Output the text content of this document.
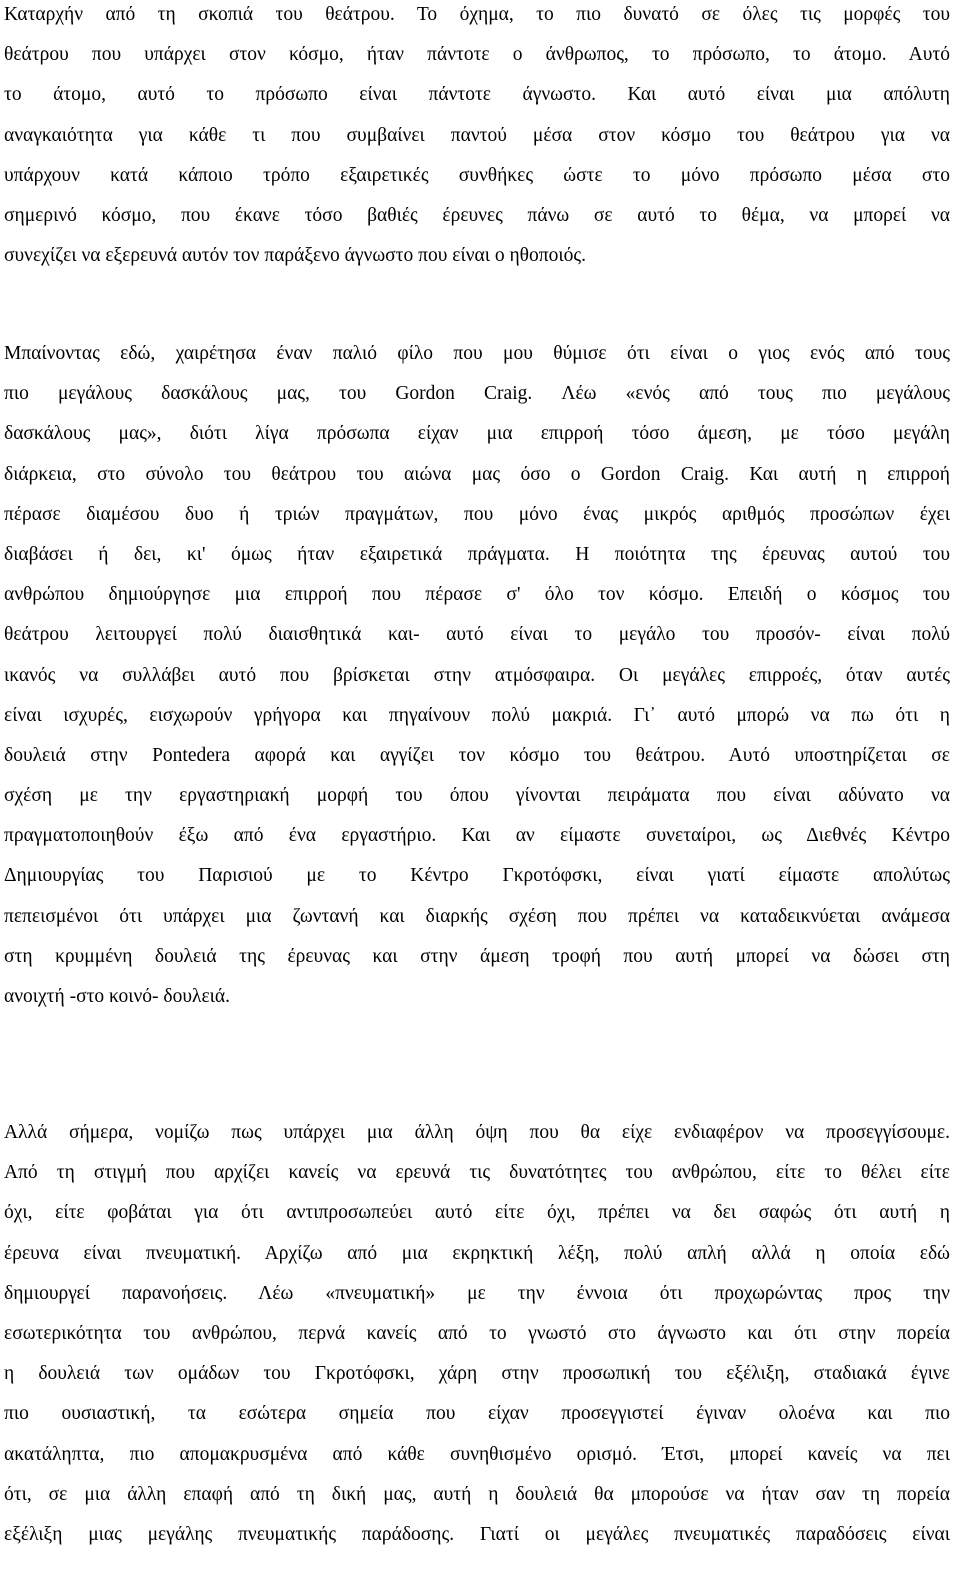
Καταρχήν από τη σκοπιά του θεάτρου. Το όχημα, το πιο δυνατό σε όλες τις μορφές του
θεάτρου που υπάρχει στον κόσμο, ήταν πάντοτε ο άνθρωπος, το πρόσωπο, το άτομο. Αυτό
το άτομο, αυτό το πρόσωπο είναι πάντοτε άγνωστο. Και αυτό είναι μια απόλυτη
αναγκαιότητα για κάθε τι που συμβαίνει παντού μέσα στον κόσμο του θεάτρου για να
υπάρχουν κατά κάποιο τρόπο εξαιρετικές συνθήκες ώστε το μόνο πρόσωπο μέσα στο
σημερινό κόσμο, που έκανε τόσο βαθιές έρευνες πάνω σε αυτό το θέμα, να μπορεί να
συνεχίζει να εξερευνά αυτόν τον παράξενο άγνωστο που είναι ο ηθοποιός.
Μπαίνοντας εδώ, χαιρέτησα έναν παλιό φίλο που μου θύμισε ότι είναι ο γιος ενός από τους
πιο μεγάλους δασκάλους μας, του Gordon Craig. Λέω «ενός από τους πιο μεγάλους
δασκάλους μας», διότι λίγα πρόσωπα είχαν μια επιρροή τόσο άμεση, με τόσο μεγάλη
διάρκεια, στο σύνολο του θεάτρου του αιώνα μας όσο ο Gordon Craig. Και αυτή η επιρροή
πέρασε διαμέσου δυο ή τριών πραγμάτων, που μόνο ένας μικρός αριθμός προσώπων έχει
διαβάσει ή δει, κι' όμως ήταν εξαιρετικά πράγματα. Η ποιότητα της έρευνας αυτού του
ανθρώπου δημιούργησε μια επιρροή που πέρασε σ' όλο τον κόσμο. Επειδή ο κόσμος του
θεάτρου λειτουργεί πολύ διαισθητικά και- αυτό είναι το μεγάλο του προσόν- είναι πολύ
ικανός να συλλάβει αυτό που βρίσκεται στην ατμόσφαιρα. Οι μεγάλες επιρροές, όταν αυτές
είναι ισχυρές, εισχωρούν γρήγορα και πηγαίνουν πολύ μακριά. Γι᾽ αυτό μπορώ να πω ότι η
δουλειά στην Pontedera αφορά και αγγίζει τον κόσμο του θεάτρου. Αυτό υποστηρίζεται σε
σχέση με την εργαστηριακή μορφή του όπου γίνονται πειράματα που είναι αδύνατο να
πραγματοποιηθούν έξω από ένα εργαστήριο. Και αν είμαστε συνεταίροι, ως Διεθνές Κέντρο
Δημιουργίας του Παρισιού με το Κέντρο Γκροτόφσκι, είναι γιατί είμαστε απολύτως
πεπεισμένοι ότι υπάρχει μια ζωντανή και διαρκής σχέση που πρέπει να καταδεικνύεται ανάμεσα
στη κρυμμένη δουλειά της έρευνας και στην άμεση τροφή που αυτή μπορεί να δώσει στη
ανοιχτή -στο κοινό- δουλειά.
Αλλά σήμερα, νομίζω πως υπάρχει μια άλλη όψη που θα είχε ενδιαφέρον να προσεγγίσουμε.
Από τη στιγμή που αρχίζει κανείς να ερευνά τις δυνατότητες του ανθρώπου, είτε το θέλει είτε
όχι, είτε φοβάται για ότι αντιπροσωπεύει αυτό είτε όχι, πρέπει να δει σαφώς ότι αυτή η
έρευνα είναι πνευματική. Αρχίζω από μια εκρηκτική λέξη, πολύ απλή αλλά η οποία εδώ
δημιουργεί παρανοήσεις. Λέω «πνευματική» με την έννοια ότι προχωρώντας προς την
εσωτερικότητα του ανθρώπου, περνά κανείς από το γνωστό στο άγνωστο και ότι στην πορεία
η δουλειά των ομάδων του Γκροτόφσκι, χάρη στην προσωπική του εξέλιξη, σταδιακά έγινε
πιο ουσιαστική, τα εσώτερα σημεία που είχαν προσεγγιστεί έγιναν ολοένα και πιο
ακατάληπτα, πιο απομακρυσμένα από κάθε συνηθισμένο ορισμό. Έτσι, μπορεί κανείς να πει
ότι, σε μια άλλη επαφή από τη δική μας, αυτή η δουλειά θα μπορούσε να ήταν σαν τη πορεία
εξέλιξη μιας μεγάλης πνευματικής παράδοσης. Γιατί οι μεγάλες πνευματικές παραδόσεις είναι
